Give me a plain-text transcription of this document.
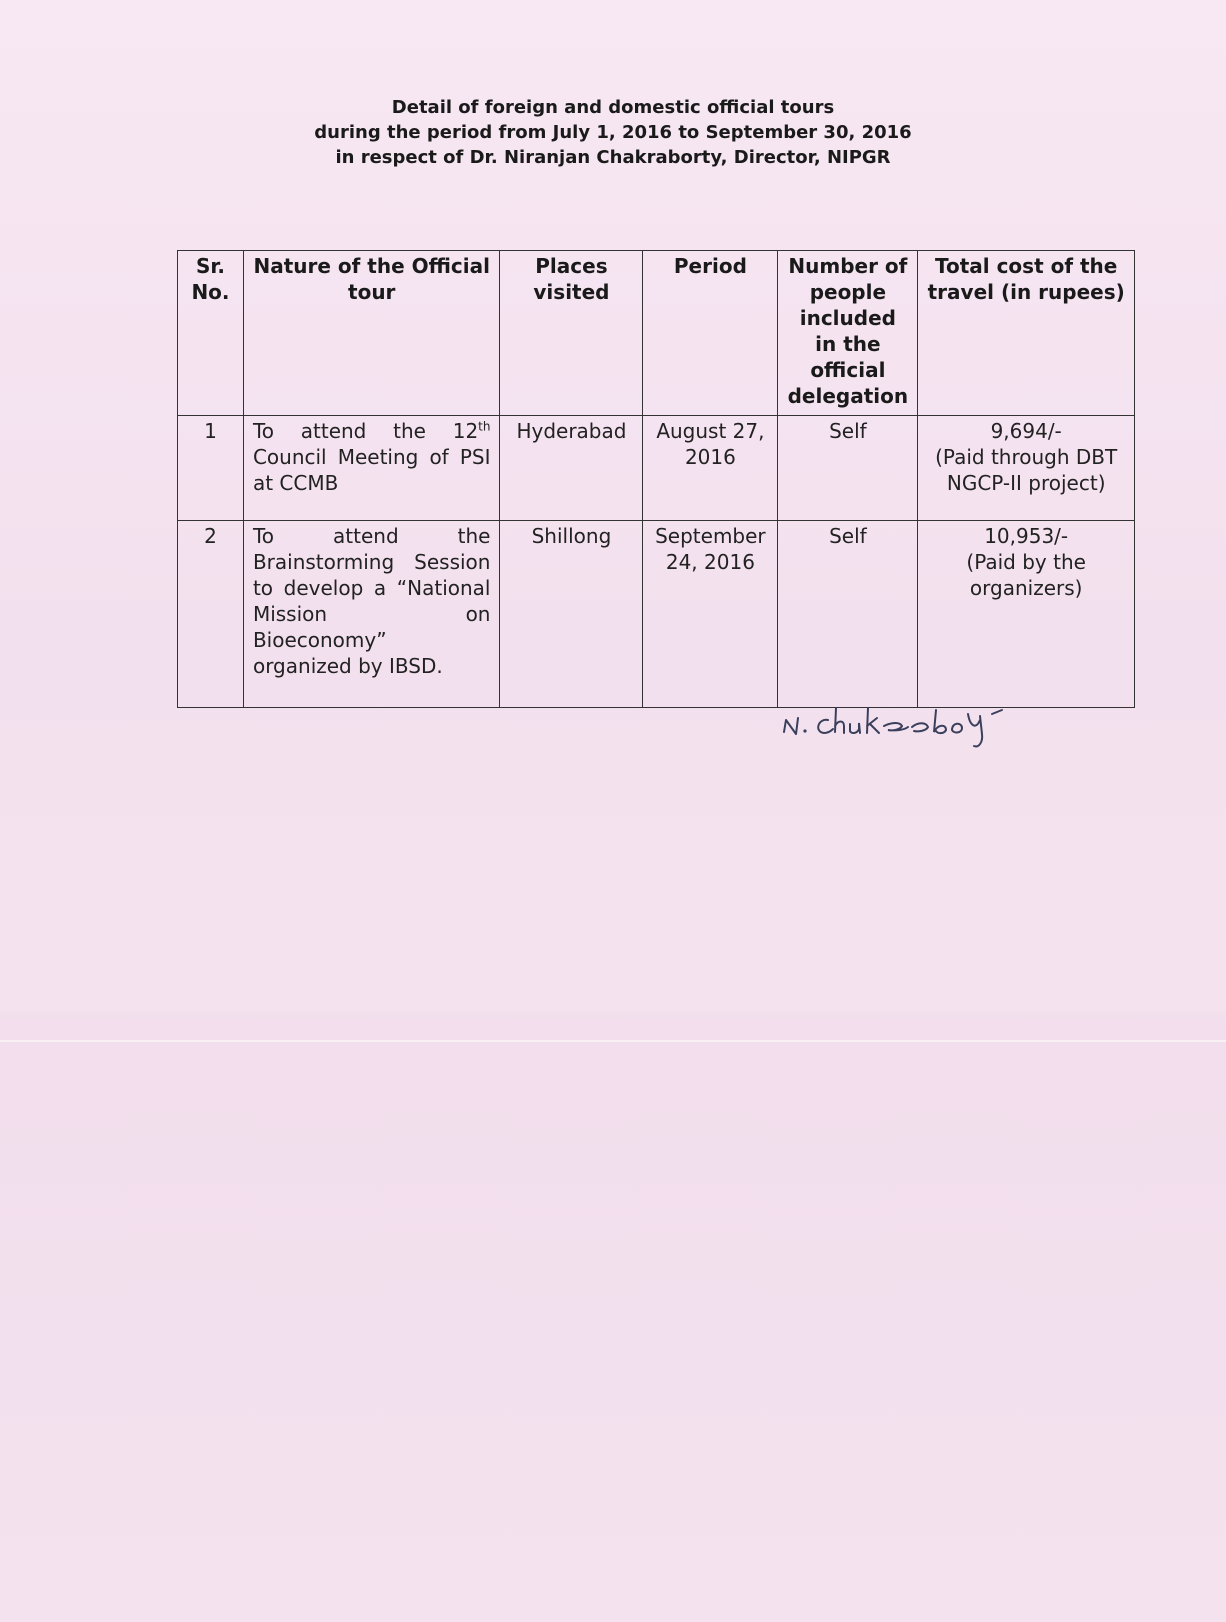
Detail of foreign and domestic official tours
during the period from July 1, 2016 to September 30, 2016
in respect of Dr. Niranjan Chakraborty, Director, NIPGR
Sr. No.	Nature of the Official tour	Places visited	Period	Number of people included in the official delegation	Total cost of the travel (in rupees)
1	To attend the 12th Council Meeting of PSI at CCMB	Hyderabad	August 27, 2016	Self	9,694/-
(Paid through DBT NGCP-II project)

2	To attend the Brainstorming Session to develop a “National Mission on Bioeconomy” organized by IBSD.	Shillong	September 24, 2016	Self	10,953/-
(Paid by the organizers)
